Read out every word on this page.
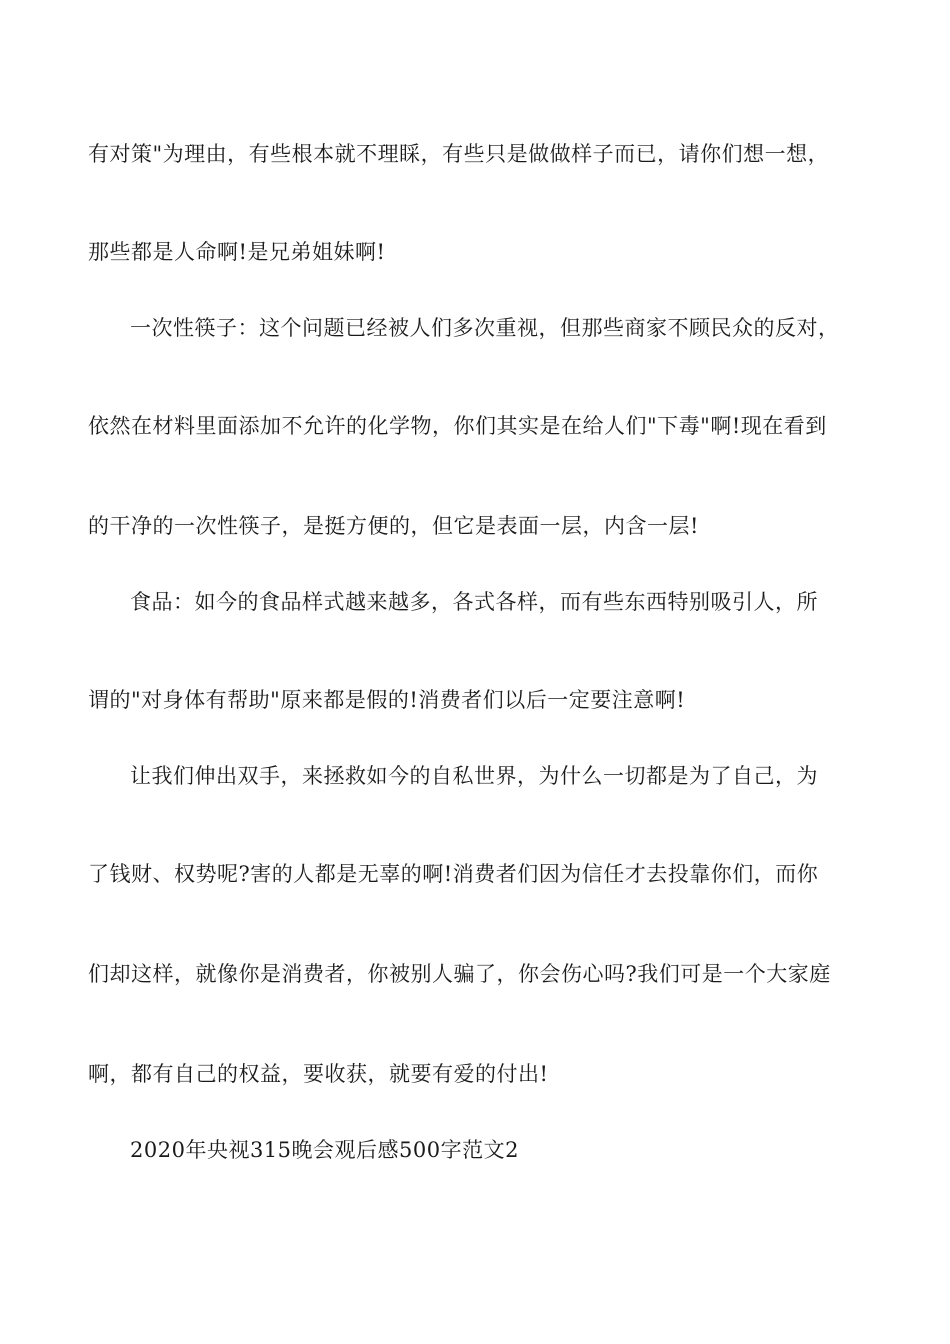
有对策"为理由，有些根本就不理睬，有些只是做做样子而已，请你们想一想，
那些都是人命啊!是兄弟姐妹啊!
一次性筷子：这个问题已经被人们多次重视，但那些商家不顾民众的反对，
依然在材料里面添加不允许的化学物，你们其实是在给人们"下毒"啊!现在看到
的干净的一次性筷子，是挺方便的，但它是表面一层，内含一层!
食品：如今的食品样式越来越多，各式各样，而有些东西特别吸引人，所
谓的"对身体有帮助"原来都是假的!消费者们以后一定要注意啊!
让我们伸出双手，来拯救如今的自私世界，为什么一切都是为了自己，为
了钱财、权势呢?害的人都是无辜的啊!消费者们因为信任才去投靠你们，而你
们却这样，就像你是消费者，你被别人骗了，你会伤心吗?我们可是一个大家庭
啊，都有自己的权益，要收获，就要有爱的付出!
2020年央视315晚会观后感500字范文2
